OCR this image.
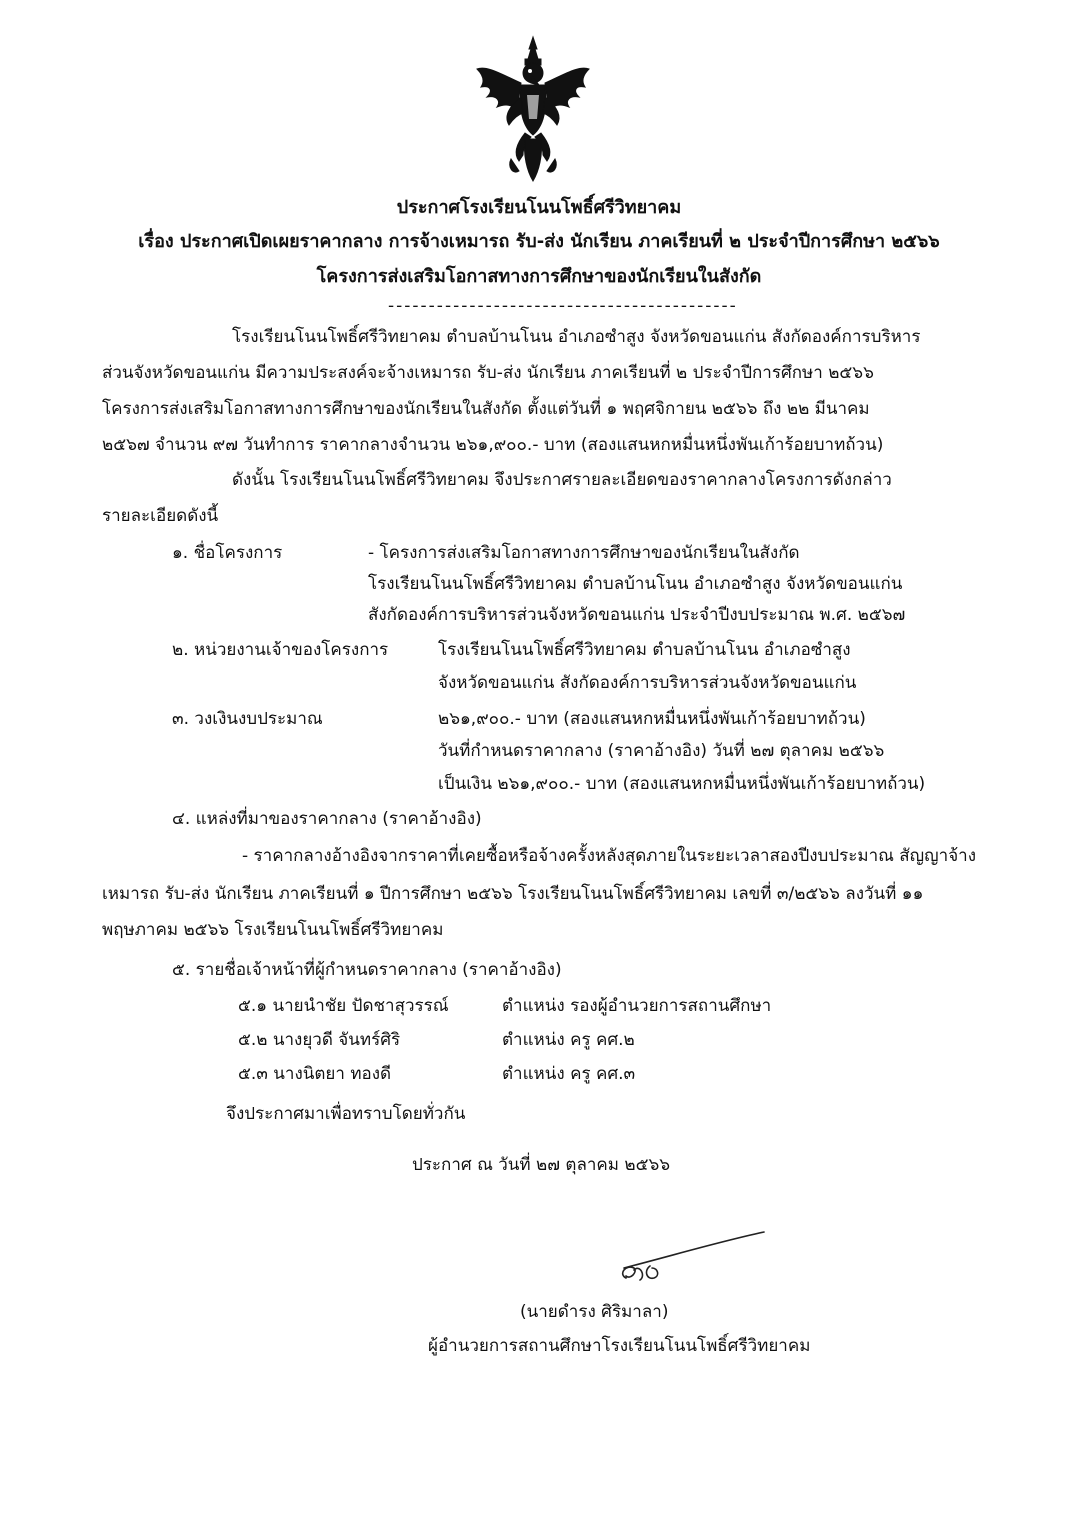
ประกาศโรงเรียนโนนโพธิ์ศรีวิทยาคม
เรื่อง ประกาศเปิดเผยราคากลาง การจ้างเหมารถ รับ-ส่ง นักเรียน ภาคเรียนที่ ๒ ประจำปีการศึกษา ๒๕๖๖
โครงการส่งเสริมโอกาสทางการศึกษาของนักเรียนในสังกัด
-------------------------------------------
โรงเรียนโนนโพธิ์ศรีวิทยาคม ตำบลบ้านโนน อำเภอซำสูง จังหวัดขอนแก่น สังกัดองค์การบริหาร
ส่วนจังหวัดขอนแก่น มีความประสงค์จะจ้างเหมารถ รับ-ส่ง นักเรียน ภาคเรียนที่ ๒ ประจำปีการศึกษา ๒๕๖๖
โครงการส่งเสริมโอกาสทางการศึกษาของนักเรียนในสังกัด ตั้งแต่วันที่ ๑ พฤศจิกายน ๒๕๖๖ ถึง ๒๒ มีนาคม
๒๕๖๗ จำนวน ๙๗ วันทำการ ราคากลางจำนวน ๒๖๑,๙๐๐.- บาท (สองแสนหกหมื่นหนึ่งพันเก้าร้อยบาทถ้วน)
ดังนั้น โรงเรียนโนนโพธิ์ศรีวิทยาคม จึงประกาศรายละเอียดของราคากลางโครงการดังกล่าว
รายละเอียดดังนี้
๑. ชื่อโครงการ	- โครงการส่งเสริมโอกาสทางการศึกษาของนักเรียนในสังกัด
โรงเรียนโนนโพธิ์ศรีวิทยาคม ตำบลบ้านโนน อำเภอซำสูง จังหวัดขอนแก่น
สังกัดองค์การบริหารส่วนจังหวัดขอนแก่น ประจำปีงบประมาณ พ.ศ. ๒๕๖๗
๒. หน่วยงานเจ้าของโครงการ	โรงเรียนโนนโพธิ์ศรีวิทยาคม ตำบลบ้านโนน อำเภอซำสูง
จังหวัดขอนแก่น สังกัดองค์การบริหารส่วนจังหวัดขอนแก่น
๓. วงเงินงบประมาณ	๒๖๑,๙๐๐.- บาท (สองแสนหกหมื่นหนึ่งพันเก้าร้อยบาทถ้วน)
วันที่กำหนดราคากลาง (ราคาอ้างอิง) วันที่ ๒๗ ตุลาคม ๒๕๖๖
เป็นเงิน ๒๖๑,๙๐๐.- บาท (สองแสนหกหมื่นหนึ่งพันเก้าร้อยบาทถ้วน)
๔. แหล่งที่มาของราคากลาง (ราคาอ้างอิง)
- ราคากลางอ้างอิงจากราคาที่เคยซื้อหรือจ้างครั้งหลังสุดภายในระยะเวลาสองปีงบประมาณ สัญญาจ้าง
เหมารถ รับ-ส่ง นักเรียน ภาคเรียนที่ ๑ ปีการศึกษา ๒๕๖๖ โรงเรียนโนนโพธิ์ศรีวิทยาคม เลขที่ ๓/๒๕๖๖ ลงวันที่ ๑๑
พฤษภาคม ๒๕๖๖ โรงเรียนโนนโพธิ์ศรีวิทยาคม
๕. รายชื่อเจ้าหน้าที่ผู้กำหนดราคากลาง (ราคาอ้างอิง)
๕.๑ นายนำชัย ปัดชาสุวรรณ์	ตำแหน่ง รองผู้อำนวยการสถานศึกษา
๕.๒ นางยุวดี จันทร์ศิริ	ตำแหน่ง ครู คศ.๒
๕.๓ นางนิตยา ทองดี	ตำแหน่ง ครู คศ.๓
จึงประกาศมาเพื่อทราบโดยทั่วกัน
ประกาศ ณ วันที่ ๒๗ ตุลาคม ๒๕๖๖
(นายดำรง ศิริมาลา)
ผู้อำนวยการสถานศึกษาโรงเรียนโนนโพธิ์ศรีวิทยาคม
